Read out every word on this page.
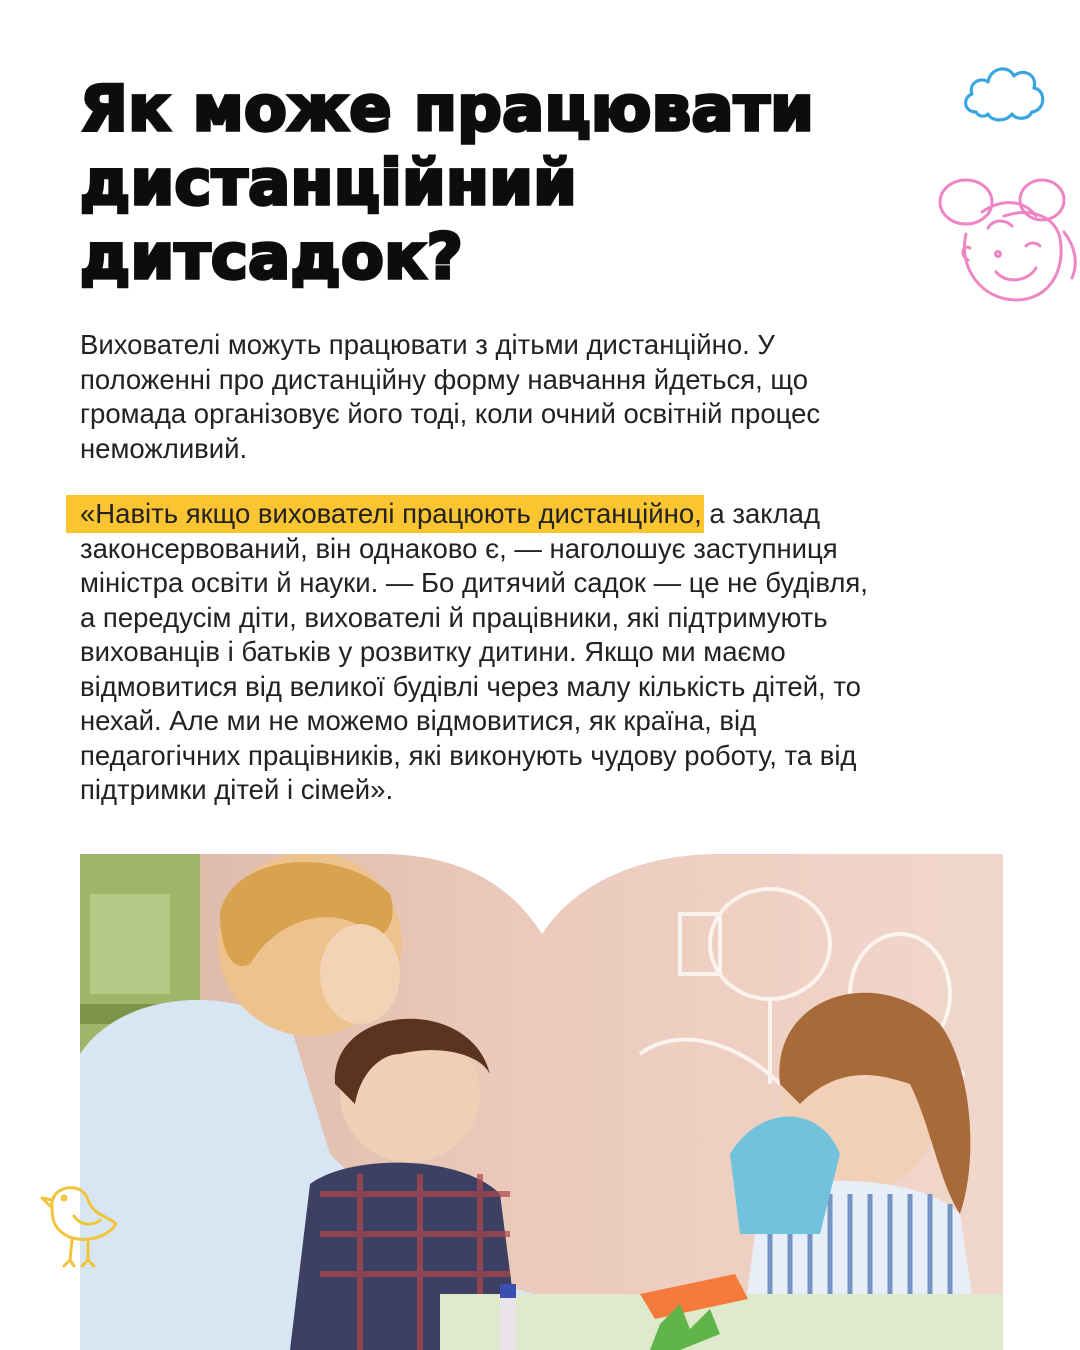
Як може працювати
дистанційний
дитсадок?
Вихователі можуть працювати з дітьми дистанційно. У
положенні про дистанційну форму навчання йдеться, що
громада організовує його тоді, коли очний освітній процес
неможливий.
«Навіть якщо вихователі працюють дистанційно, а заклад
законсервований, він однаково є, — наголошує заступниця
міністра освіти й науки. — Бо дитячий садок — це не будівля,
а передусім діти, вихователі й працівники, які підтримують
вихованців і батьків у розвитку дитини. Якщо ми маємо
відмовитися від великої будівлі через малу кількість дітей, то
нехай. Але ми не можемо відмовитися, як країна, від
педагогічних працівників, які виконують чудову роботу, та від
підтримки дітей і сімей».
